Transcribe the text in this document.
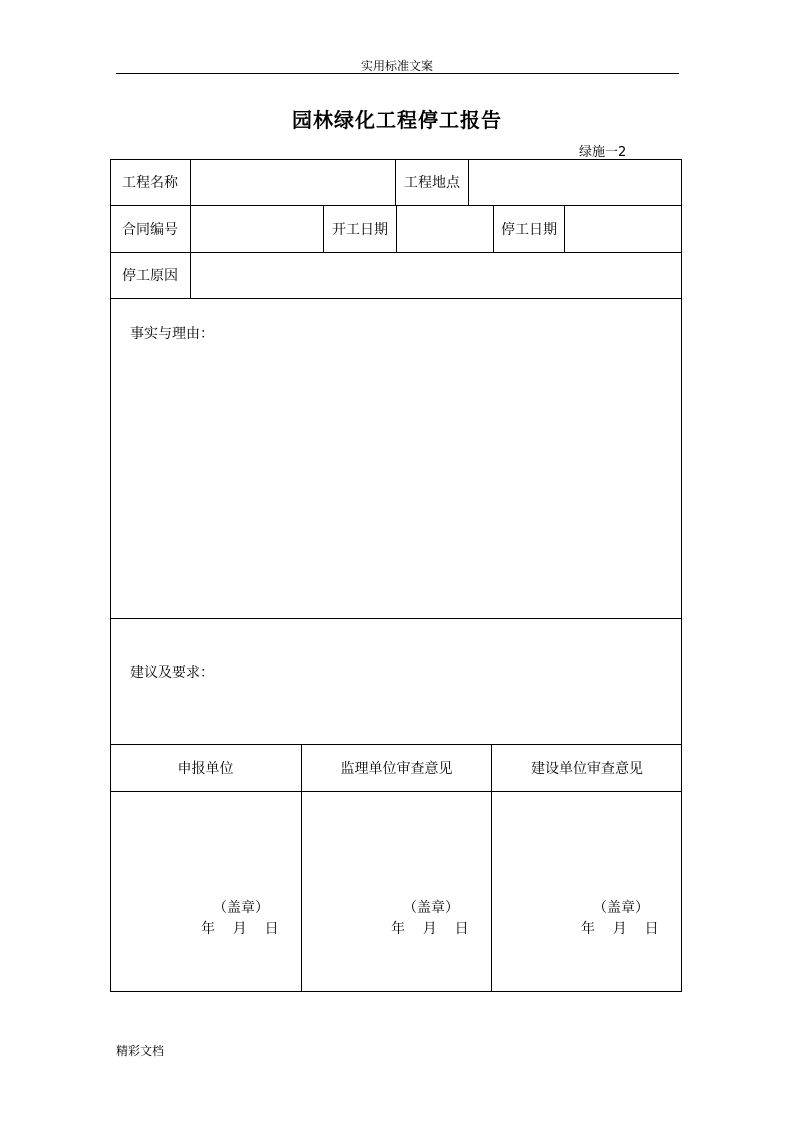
实用标准文案
园林绿化工程停工报告
绿施一2
工程名称	工程地点
合同编号	开工日期	停工日期
停工原因
事实与理由：
建议及要求：
申报单位	监理单位审查意见	建设单位审查意见
（盖章）
年    月    日
（盖章）
年    月    日
（盖章）
年    月    日
精彩文档
